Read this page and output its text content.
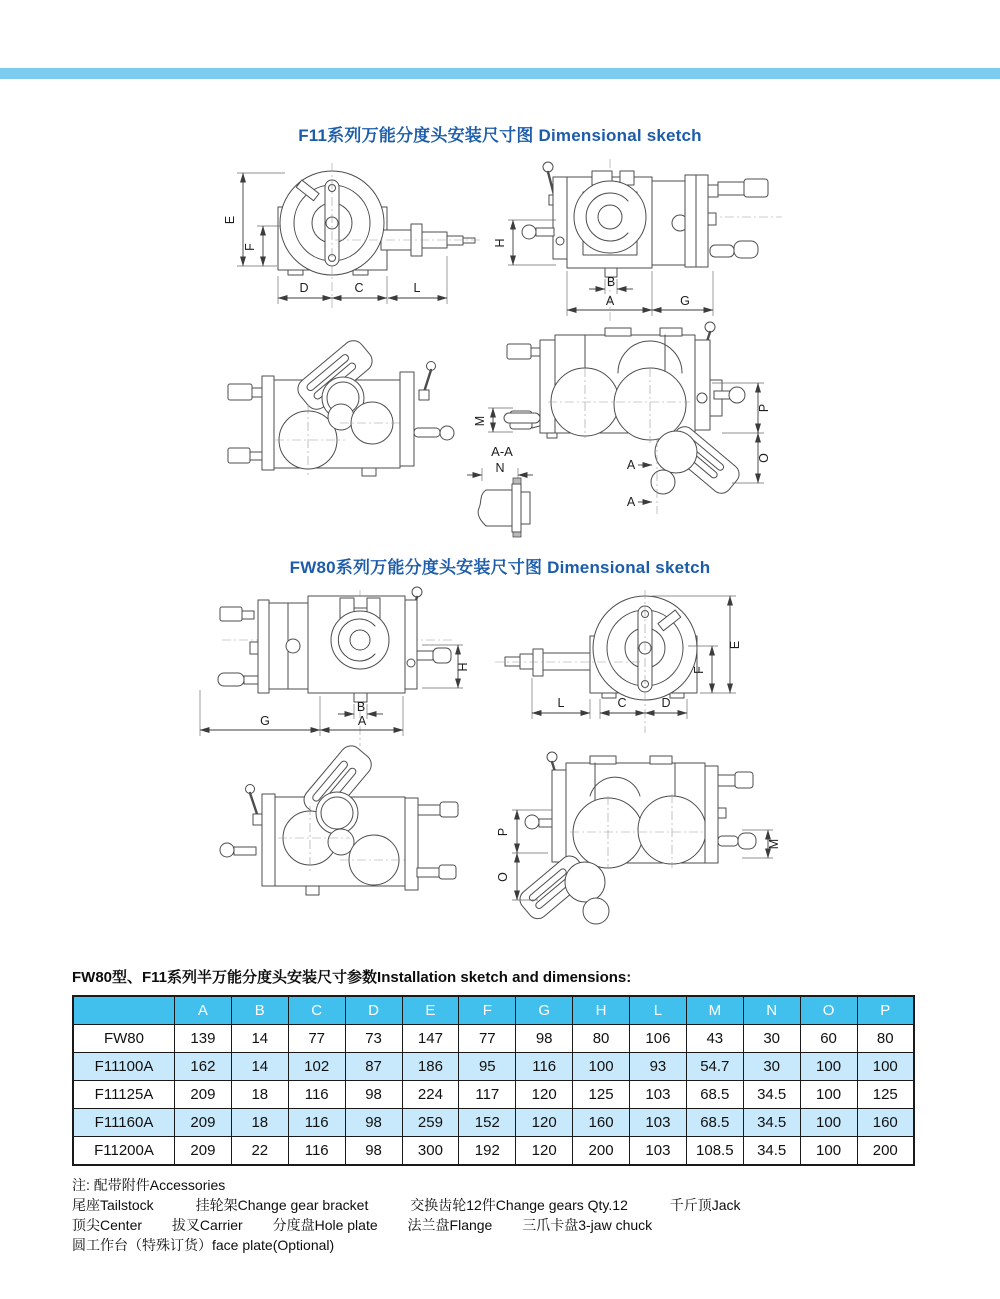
F11系列万能分度头安装尺寸图 Dimensional sketch
FW80系列万能分度头安装尺寸图 Dimensional sketch
E
F
D	C	L
H
B
A	G
M
A-A
N
P
O
A
A
H
B
G	A
E
F
L	C	D
P
O
M
FW80型、F11系列半万能分度头安装尺寸参数Installation sketch and dimensions:
	A	B	C	D	E	F	G	H	L	M	N	O	P
FW80	139	14	77	73	147	77	98	80	106	43	30	60	80
F11100A	162	14	102	87	186	95	116	100	93	54.7	30	100	100
F11125A	209	18	116	98	224	117	120	125	103	68.5	34.5	100	125
F11160A	209	18	116	98	259	152	120	160	103	68.5	34.5	100	160
F11200A	209	22	116	98	300	192	120	200	103	108.5	34.5	100	200
注: 配带附件Accessories
尾座Tailstock	挂轮架Change gear bracket	交换齿轮12件Change gears Qty.12	千斤顶Jack
顶尖Center 拔叉Carrier 分度盘Hole plate 法兰盘Flange 三爪卡盘3-jaw chuck
圆工作台（特殊订货）face plate(Optional)
